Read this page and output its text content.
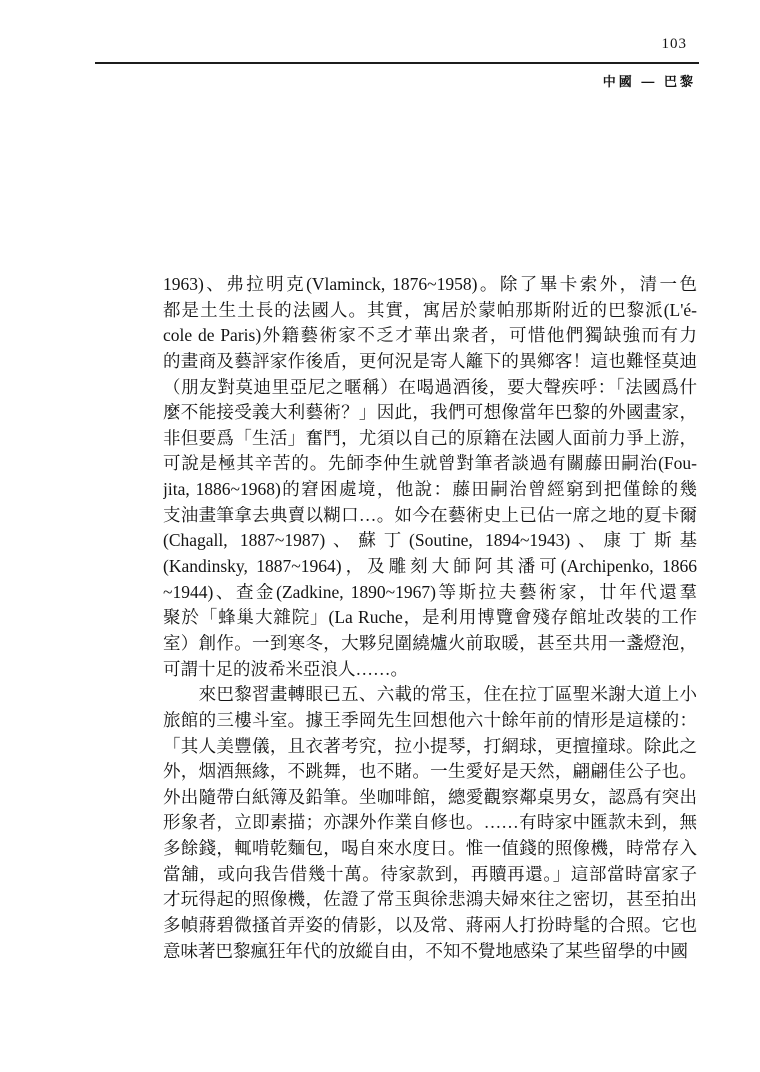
103
中國 — 巴黎
1963)、弗拉明克(Vlaminck, 1876~1958)。除了畢卡索外，清一色
都是土生土長的法國人。其實，寓居於蒙帕那斯附近的巴黎派(L'é-
cole de Paris)外籍藝術家不乏才華出衆者，可惜他們獨缺強而有力
的畫商及藝評家作後盾，更何況是寄人籬下的異鄉客！這也難怪莫迪
（朋友對莫迪里亞尼之暱稱）在喝過酒後，要大聲疾呼：「法國爲什
麼不能接受義大利藝術？」因此，我們可想像當年巴黎的外國畫家，
非但要爲「生活」奮鬥，尤須以自己的原籍在法國人面前力爭上游，
可說是極其辛苦的。先師李仲生就曾對筆者談過有關藤田嗣治(Fou-
jita, 1886~1968)的窘困處境，他說：藤田嗣治曾經窮到把僅餘的幾
支油畫筆拿去典賣以糊口…。如今在藝術史上已佔一席之地的夏卡爾
(Chagall, 1887~1987)、蘇丁(Soutine, 1894~1943)、康丁斯基
(Kandinsky, 1887~1964)，及雕刻大師阿其潘可(Archipenko, 1866
~1944)、查金(Zadkine, 1890~1967)等斯拉夫藝術家，廿年代還羣
聚於「蜂巢大雜院」(La Ruche，是利用博覽會殘存館址改裝的工作
室）創作。一到寒冬，大夥兒圍繞爐火前取暖，甚至共用一盞燈泡，
可謂十足的波希米亞浪人……。
　　來巴黎習畫轉眼已五、六載的常玉，住在拉丁區聖米謝大道上小
旅館的三樓斗室。據王季岡先生回想他六十餘年前的情形是這樣的：
「其人美豐儀，且衣著考究，拉小提琴，打網球，更擅撞球。除此之
外，烟酒無緣，不跳舞，也不賭。一生愛好是天然，翩翩佳公子也。
外出隨帶白紙簿及鉛筆。坐咖啡館，總愛觀察鄰桌男女，認爲有突出
形象者，立即素描；亦課外作業自修也。……有時家中匯款未到，無
多餘錢，輒啃乾麵包，喝自來水度日。惟一值錢的照像機，時常存入
當舖，或向我告借幾十萬。待家款到，再贖再還。」這部當時富家子
才玩得起的照像機，佐證了常玉與徐悲鴻夫婦來往之密切，甚至拍出
多幀蔣碧微搔首弄姿的倩影，以及常、蔣兩人打扮時髦的合照。它也
意味著巴黎瘋狂年代的放縱自由，不知不覺地感染了某些留學的中國
